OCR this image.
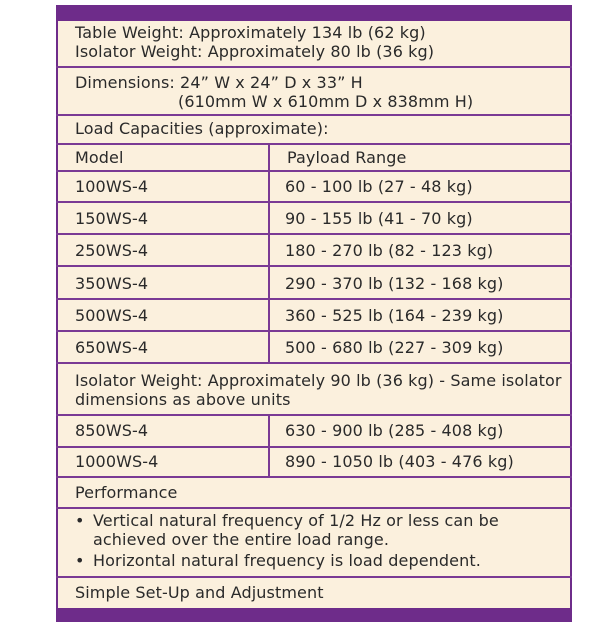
Table Weight: Approximately 134 lb (62 kg)
Isolator Weight: Approximately 80 lb (36 kg)
Dimensions: 24” W x 24” D x 33” H
(610mm W x 610mm D x 838mm H)
Load Capacities (approximate):
Model	Payload Range
100WS-4	60 - 100 lb (27 - 48 kg)
150WS-4	90 - 155 lb (41 - 70 kg)
250WS-4	180 - 270 lb (82 - 123 kg)
350WS-4	290 - 370 lb (132 - 168 kg)
500WS-4	360 - 525 lb (164 - 239 kg)
650WS-4	500 - 680 lb (227 - 309 kg)
Isolator Weight: Approximately 90 lb (36 kg) - Same isolator
dimensions as above units
850WS-4	630 - 900 lb (285 - 408 kg)
1000WS-4	890 - 1050 lb (403 - 476 kg)
Performance
• Vertical natural frequency of 1/2 Hz or less can be
achieved over the entire load range.
• Horizontal natural frequency is load dependent.
Simple Set-Up and Adjustment
